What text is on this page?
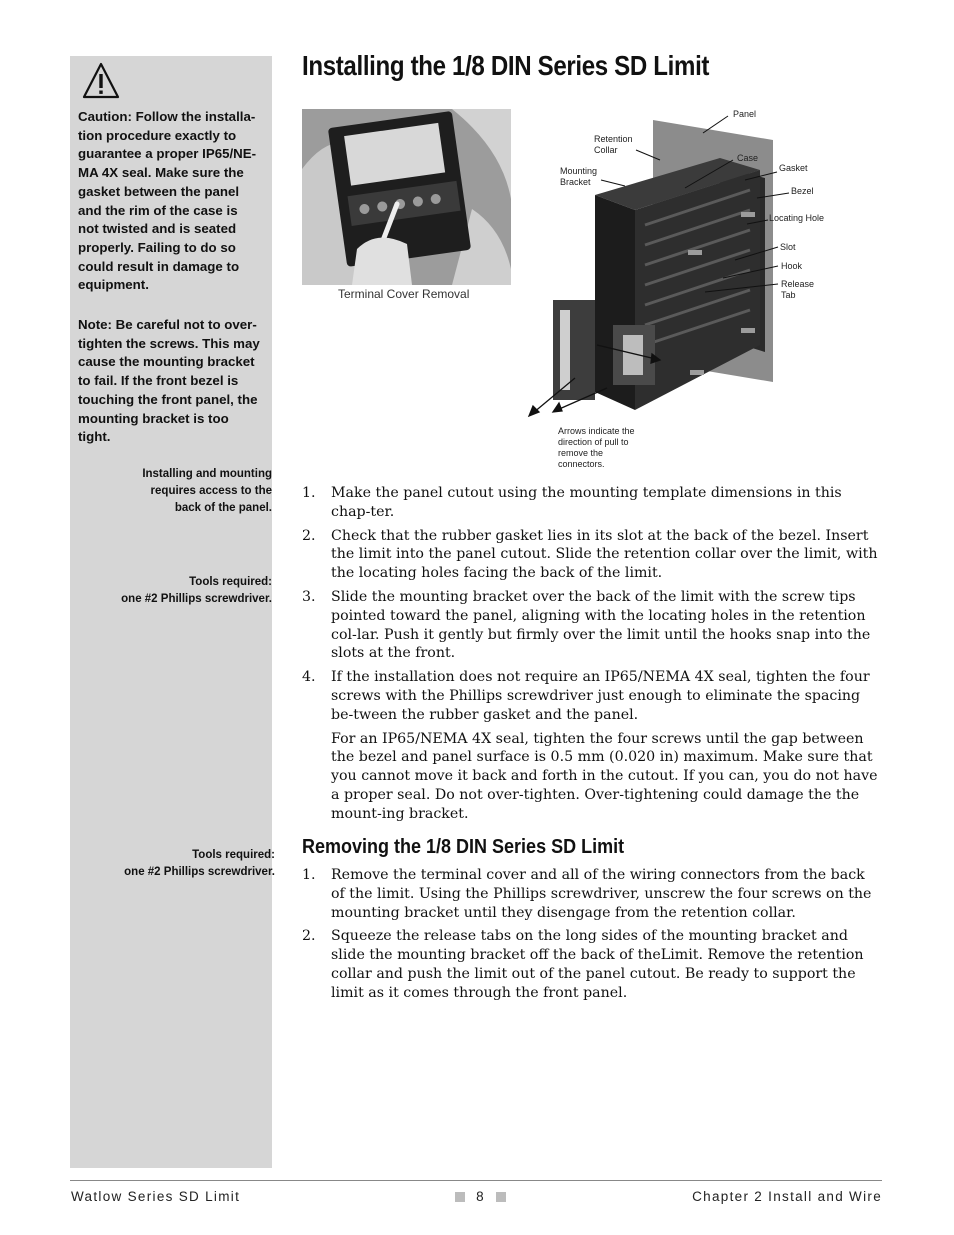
Caution: Follow the installa-
tion procedure exactly to
guarantee a proper IP65/NE-
MA 4X seal. Make sure the
gasket between the panel
and the rim of the case is
not twisted and is seated
properly. Failing to do so
could result in damage to
equipment.
Note: Be careful not to over-
tighten the screws. This may
cause the mounting bracket
to fail. If the front bezel is
touching the front panel, the
mounting bracket is too
tight.
Installing and mounting
requires access to the
back of the panel.
Tools required:
one #2 Phillips screwdriver.
Tools required:
one #2 Phillips screwdriver.
Installing the 1/8 DIN Series SD Limit
Terminal Cover Removal
Panel
Retention
Collar
Mounting
Bracket
Case
Gasket
Bezel
Locating Hole
Slot
Hook
Release
Tab
Arrows indicate the
direction of pull to
remove the
connectors.
1. Make the panel cutout using the mounting template dimensions in this chap-ter.
2. Check that the rubber gasket lies in its slot at the back of the bezel. Insert the limit into the panel cutout. Slide the retention collar over the limit, with the locating holes facing the back of the limit.
3. Slide the mounting bracket over the back of the limit with the screw tips pointed toward the panel, aligning with the locating holes in the retention col-lar. Push it gently but firmly over the limit until the hooks snap into the slots at the front.
4. If the installation does not require an IP65/NEMA 4X seal, tighten the four screws with the Phillips screwdriver just enough to eliminate the spacing be-tween the rubber gasket and the panel.

For an IP65/NEMA 4X seal, tighten the four screws until the gap between the bezel and panel surface is 0.5 mm (0.020 in) maximum. Make sure that you cannot move it back and forth in the cutout. If you can, you do not have a proper seal. Do not over-tighten. Over-tightening could damage the the mount-ing bracket.

Removing the 1/8 DIN Series SD Limit
1. Remove the terminal cover and all of the wiring connectors from the back of the limit. Using the Phillips screwdriver, unscrew the four screws on the mounting bracket until they disengage from the retention collar.
2. Squeeze the release tabs on the long sides of the mounting bracket and slide the mounting bracket off the back of theLimit. Remove the retention collar and push the limit out of the panel cutout. Be ready to support the limit as it comes through the front panel.
Watlow Series SD Limit	8	Chapter 2 Install and Wire
